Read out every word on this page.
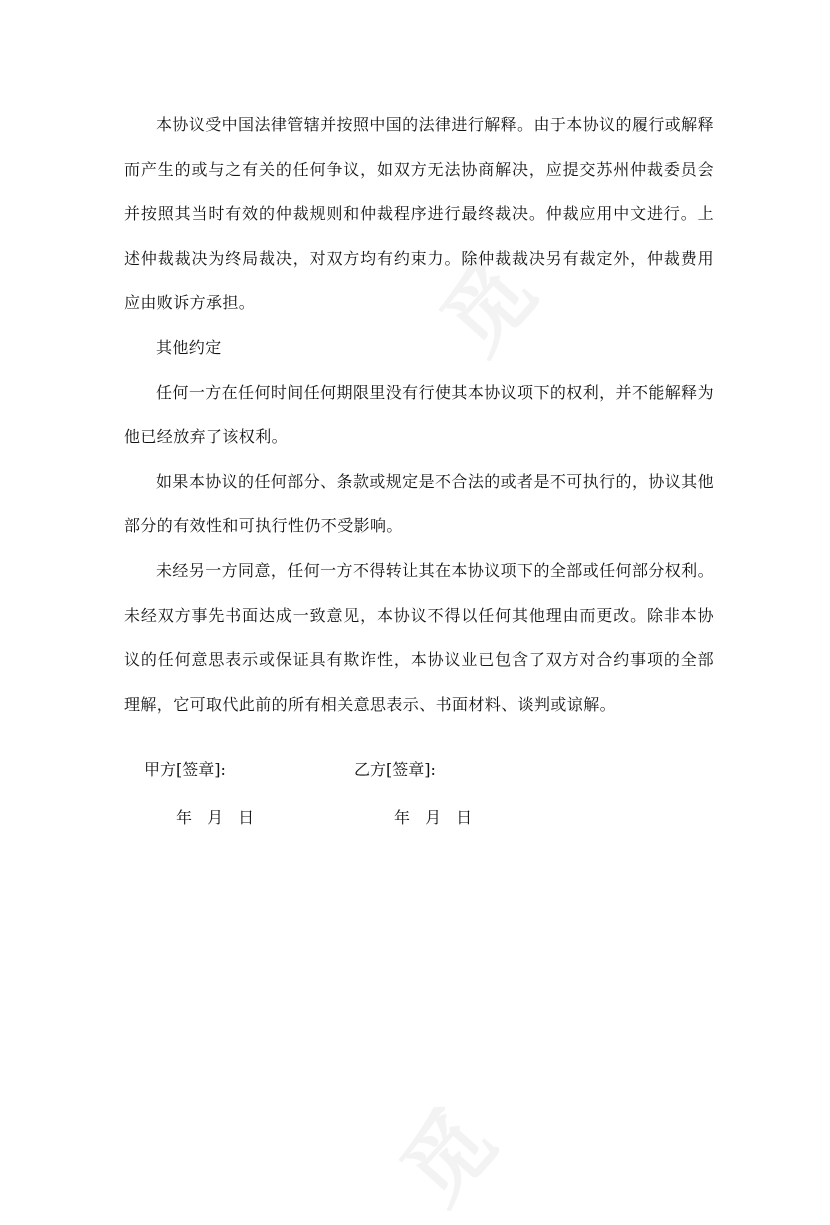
本协议受中国法律管辖并按照中国的法律进行解释。由于本协议的履行或解释而产生的或与之有关的任何争议，如双方无法协商解决，应提交苏州仲裁委员会并按照其当时有效的仲裁规则和仲裁程序进行最终裁决。仲裁应用中文进行。上述仲裁裁决为终局裁决，对双方均有约束力。除仲裁裁决另有裁定外，仲裁费用应由败诉方承担。

其他约定

任何一方在任何时间任何期限里没有行使其本协议项下的权利，并不能解释为他已经放弃了该权利。

如果本协议的任何部分、条款或规定是不合法的或者是不可执行的，协议其他部分的有效性和可执行性仍不受影响。

未经另一方同意，任何一方不得转让其在本协议项下的全部或任何部分权利。未经双方事先书面达成一致意见，本协议不得以任何其他理由而更改。除非本协议的任何意思表示或保证具有欺诈性，本协议业已包含了双方对合约事项的全部理解，它可取代此前的所有相关意思表示、书面材料、谈判或谅解。

甲方[签章]:	乙方[签章]:
年 月 日	年 月 日
